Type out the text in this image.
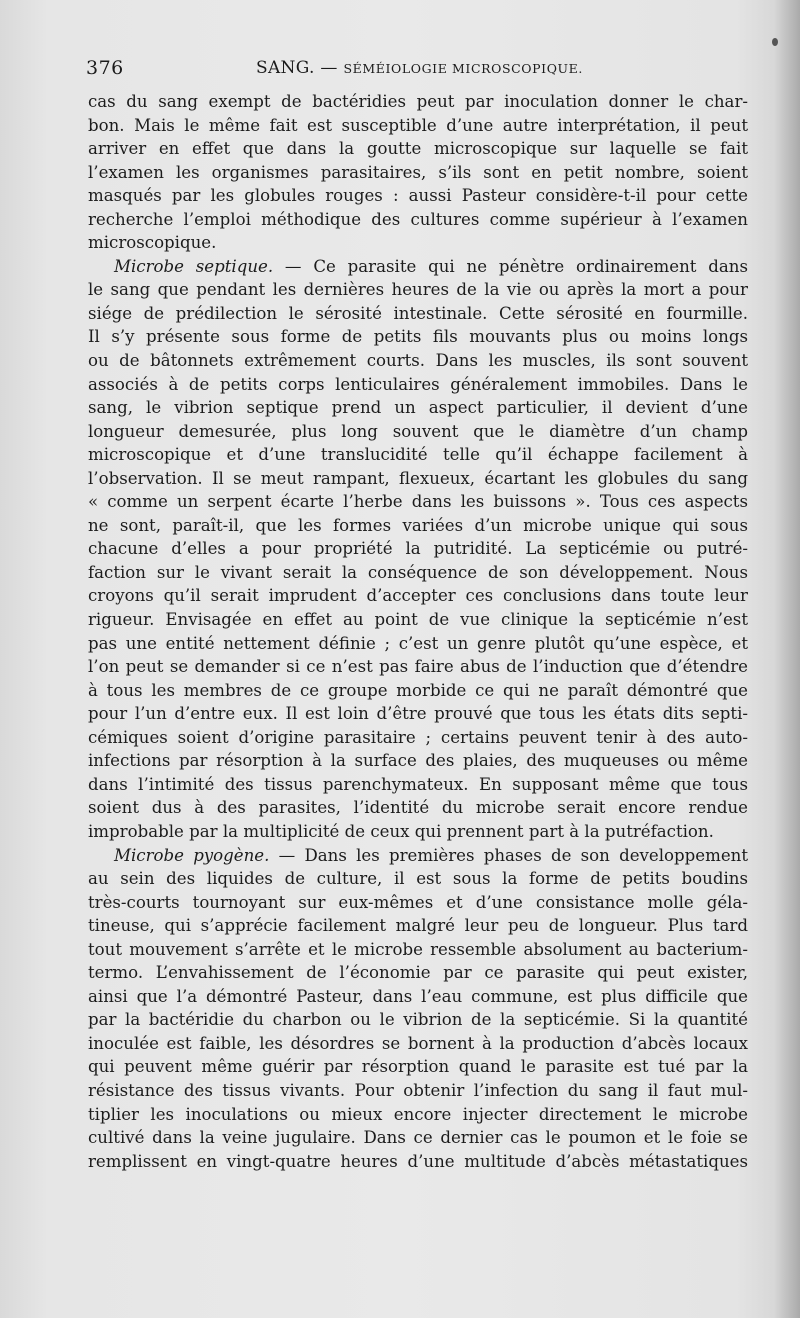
376	SANG. — SÉMÉIOLOGIE MICROSCOPIQUE.
cas du sang exempt de bactéridies peut par inoculation donner le char-
bon. Mais le même fait est susceptible d’une autre interprétation, il peut
arriver en effet que dans la goutte microscopique sur laquelle se fait
l’examen les organismes parasitaires, s’ils sont en petit nombre, soient
masqués par les globules rouges : aussi Pasteur considère-t-il pour cette
recherche l’emploi méthodique des cultures comme supérieur à l’examen
microscopique.
Microbe septique. — Ce parasite qui ne pénètre ordinairement dans
le sang que pendant les dernières heures de la vie ou après la mort a pour
siége de prédilection le sérosité intestinale. Cette sérosité en fourmille.
Il s’y présente sous forme de petits fils mouvants plus ou moins longs
ou de bâtonnets extrêmement courts. Dans les muscles, ils sont souvent
associés à de petits corps lenticulaires généralement immobiles. Dans le
sang, le vibrion septique prend un aspect particulier, il devient d’une
longueur demesurée, plus long souvent que le diamètre d’un champ
microscopique et d’une translucidité telle qu’il échappe facilement à
l’observation. Il se meut rampant, flexueux, écartant les globules du sang
« comme un serpent écarte l’herbe dans les buissons ». Tous ces aspects
ne sont, paraît-il, que les formes variées d’un microbe unique qui sous
chacune d’elles a pour propriété la putridité. La septicémie ou putré-
faction sur le vivant serait la conséquence de son développement. Nous
croyons qu’il serait imprudent d’accepter ces conclusions dans toute leur
rigueur. Envisagée en effet au point de vue clinique la septicémie n’est
pas une entité nettement définie ; c’est un genre plutôt qu’une espèce, et
l’on peut se demander si ce n’est pas faire abus de l’induction que d’étendre
à tous les membres de ce groupe morbide ce qui ne paraît démontré que
pour l’un d’entre eux. Il est loin d’être prouvé que tous les états dits septi-
cémiques soient d’origine parasitaire ; certains peuvent tenir à des auto-
infections par résorption à la surface des plaies, des muqueuses ou même
dans l’intimité des tissus parenchymateux. En supposant même que tous
soient dus à des parasites, l’identité du microbe serait encore rendue
improbable par la multiplicité de ceux qui prennent part à la putréfaction.
Microbe pyogène. — Dans les premières phases de son developpement
au sein des liquides de culture, il est sous la forme de petits boudins
très-courts tournoyant sur eux-mêmes et d’une consistance molle géla-
tineuse, qui s’apprécie facilement malgré leur peu de longueur. Plus tard
tout mouvement s’arrête et le microbe ressemble absolument au bacterium-
termo. L’envahissement de l’économie par ce parasite qui peut exister,
ainsi que l’a démontré Pasteur, dans l’eau commune, est plus difficile que
par la bactéridie du charbon ou le vibrion de la septicémie. Si la quantité
inoculée est faible, les désordres se bornent à la production d’abcès locaux
qui peuvent même guérir par résorption quand le parasite est tué par la
résistance des tissus vivants. Pour obtenir l’infection du sang il faut mul-
tiplier les inoculations ou mieux encore injecter directement le microbe
cultivé dans la veine jugulaire. Dans ce dernier cas le poumon et le foie se
remplissent en vingt-quatre heures d’une multitude d’abcès métastatiques
